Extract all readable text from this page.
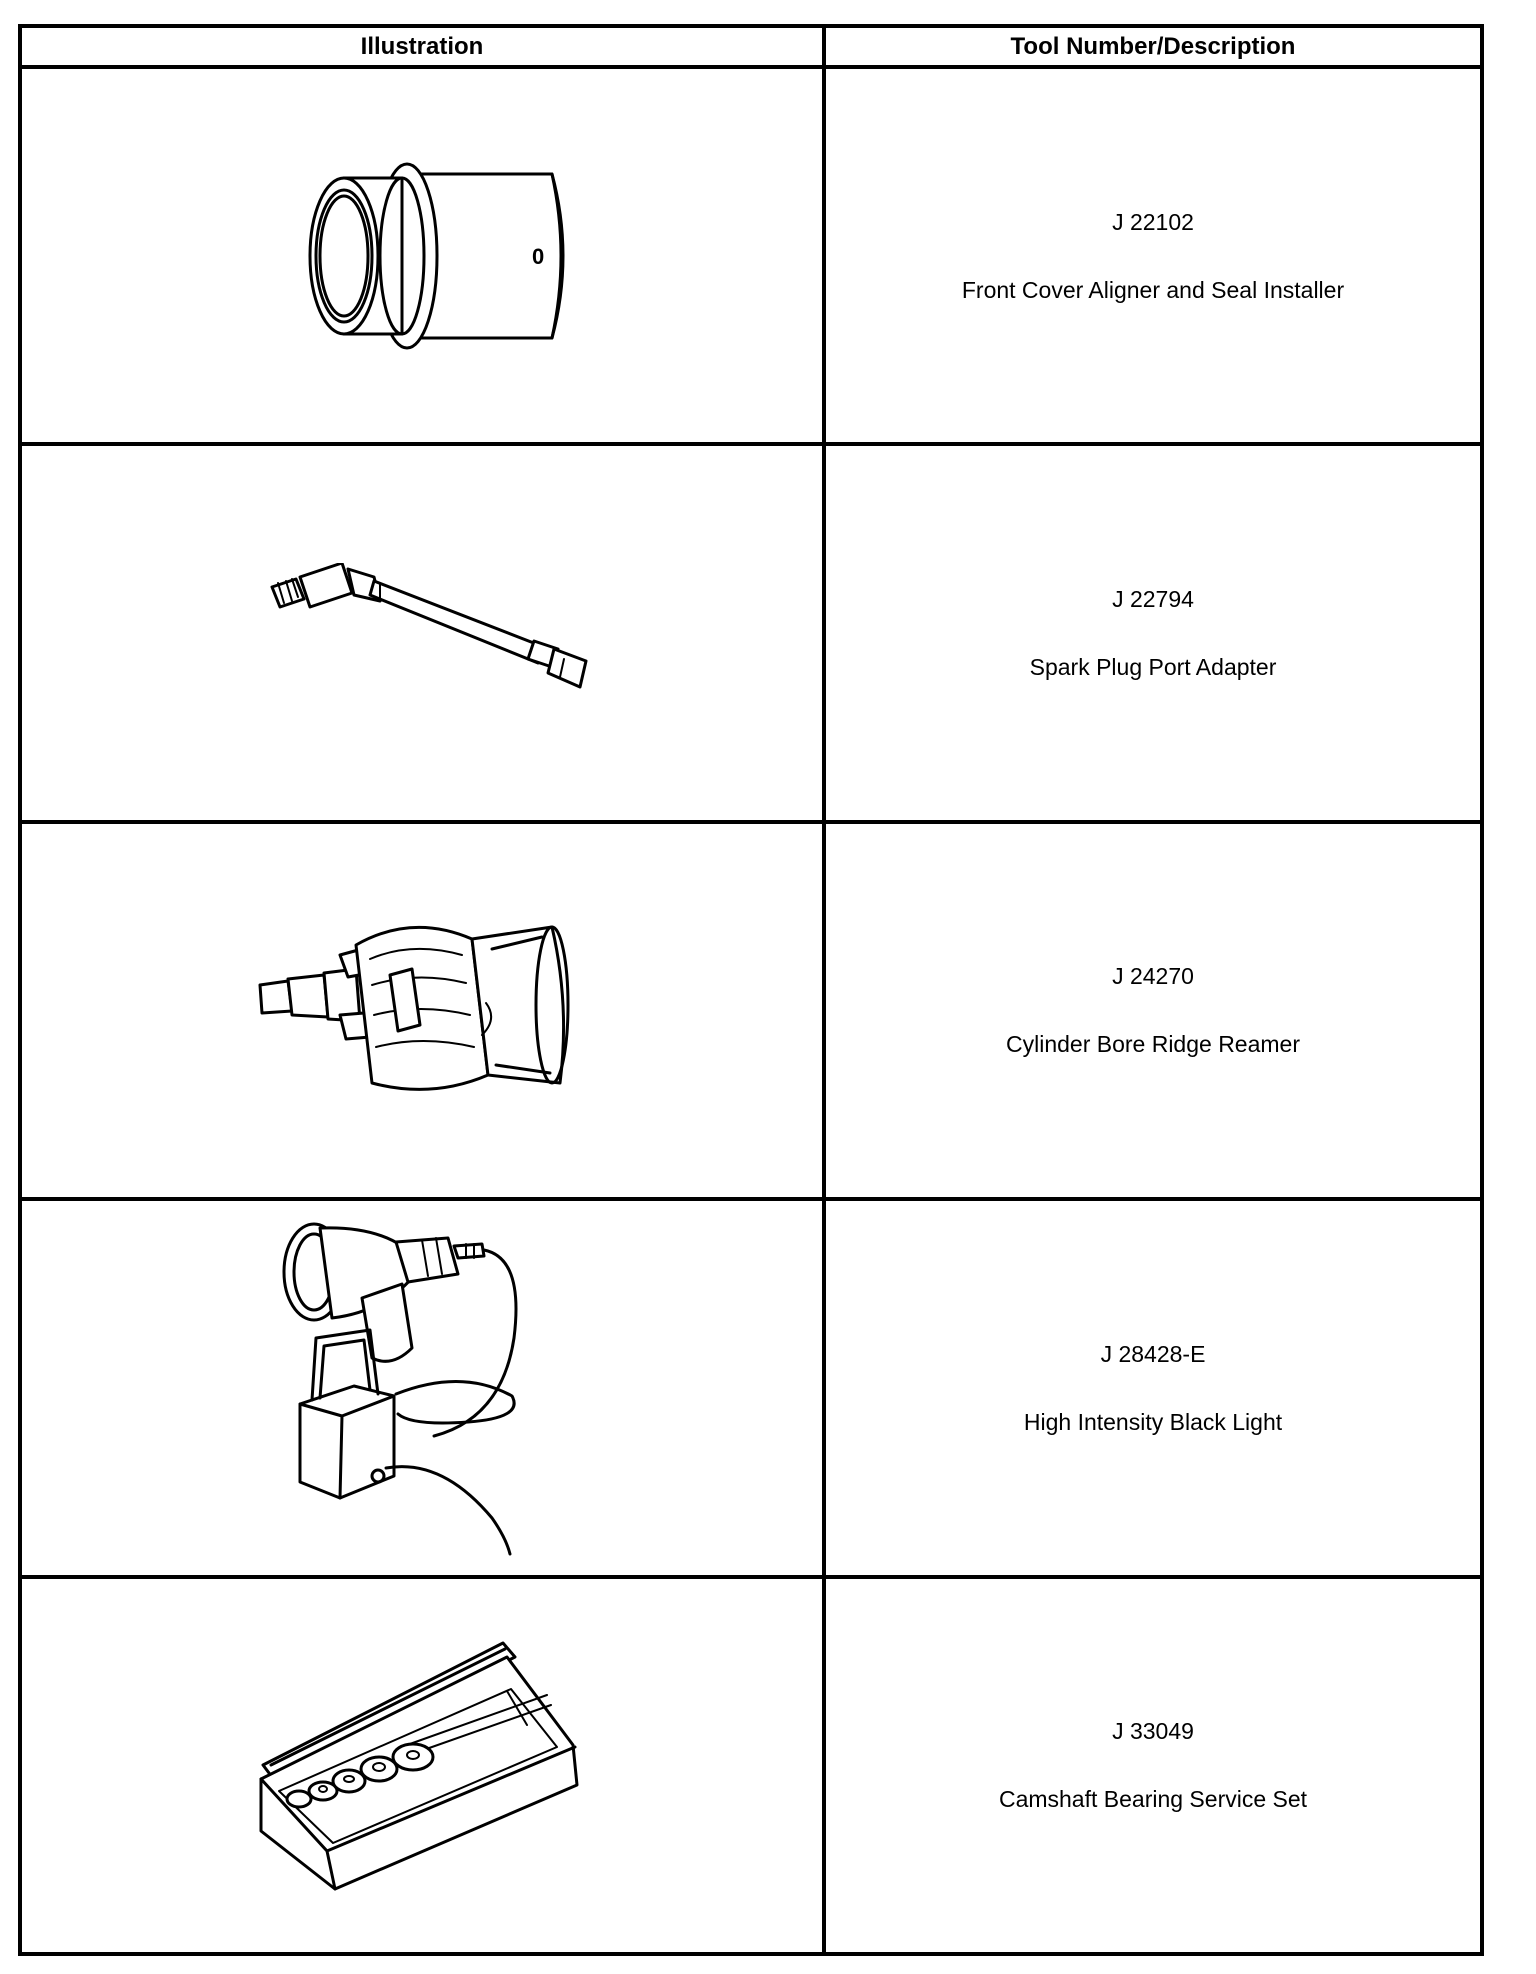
Illustration	Tool Number/Description

0	J 22102
Front Cover Aligner and Seal Installer

J 22794
Spark Plug Port Adapter

J 24270
Cylinder Bore Ridge Reamer

J 28428-E
High Intensity Black Light

J 33049
Camshaft Bearing Service Set
